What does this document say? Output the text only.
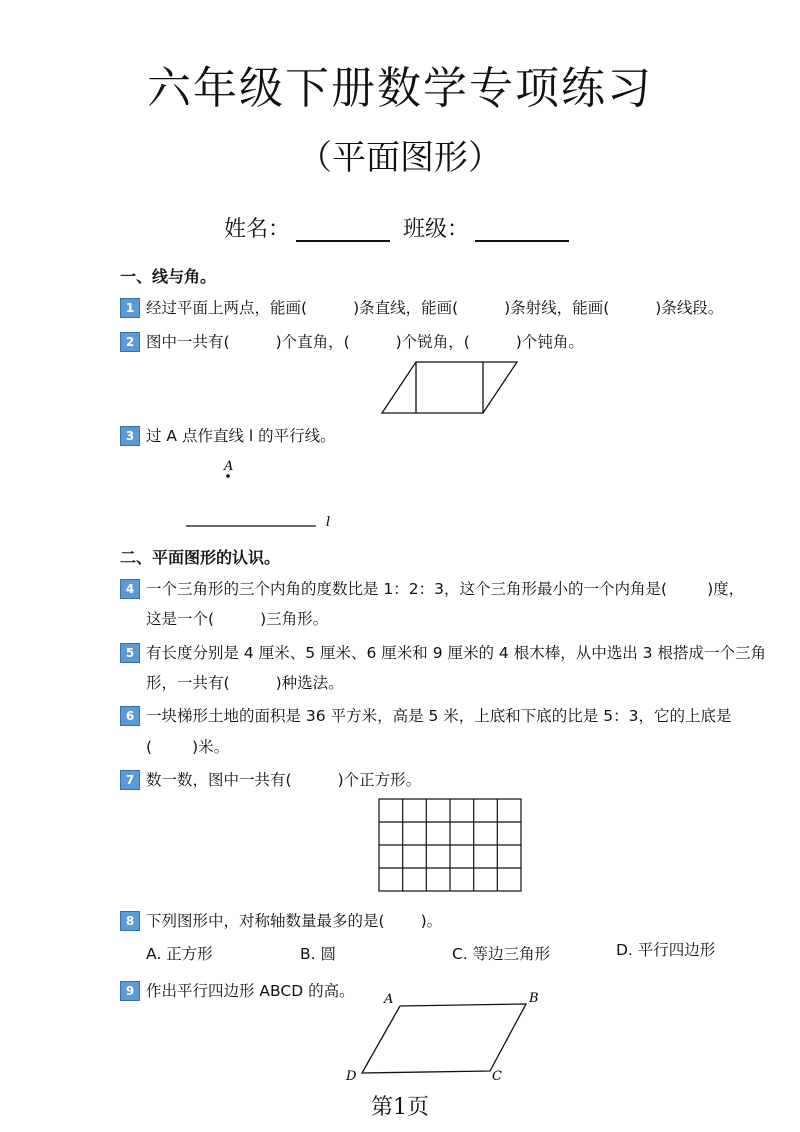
六年级下册数学专项练习
（平面图形）
姓名：	班级：
一、线与角。
1 经过平面上两点，能画(	)条直线，能画(	)条射线，能画(	)条线段。
2 图中一共有(	)个直角，(	)个锐角，(	)个钝角。
3 过 A 点作直线 l 的平行线。
A
l
二、平面图形的认识。
4 一个三角形的三个内角的度数比是 1：2：3，这个三角形最小的一个内角是(	)度，
这是一个(	)三角形。
5 有长度分别是 4 厘米、5 厘米、6 厘米和 9 厘米的 4 根木棒，从中选出 3 根搭成一个三角
形，一共有(	)种选法。
6 一块梯形土地的面积是 36 平方米，高是 5 米，上底和下底的比是 5：3，它的上底是
(	)米。
7 数一数，图中一共有(	)个正方形。
8 下列图形中，对称轴数量最多的是( )。
A. 正方形	B. 圆	C. 等边三角形	D. 平行四边形
9 作出平行四边形 ABCD 的高。 A	B
C
D
第1页
